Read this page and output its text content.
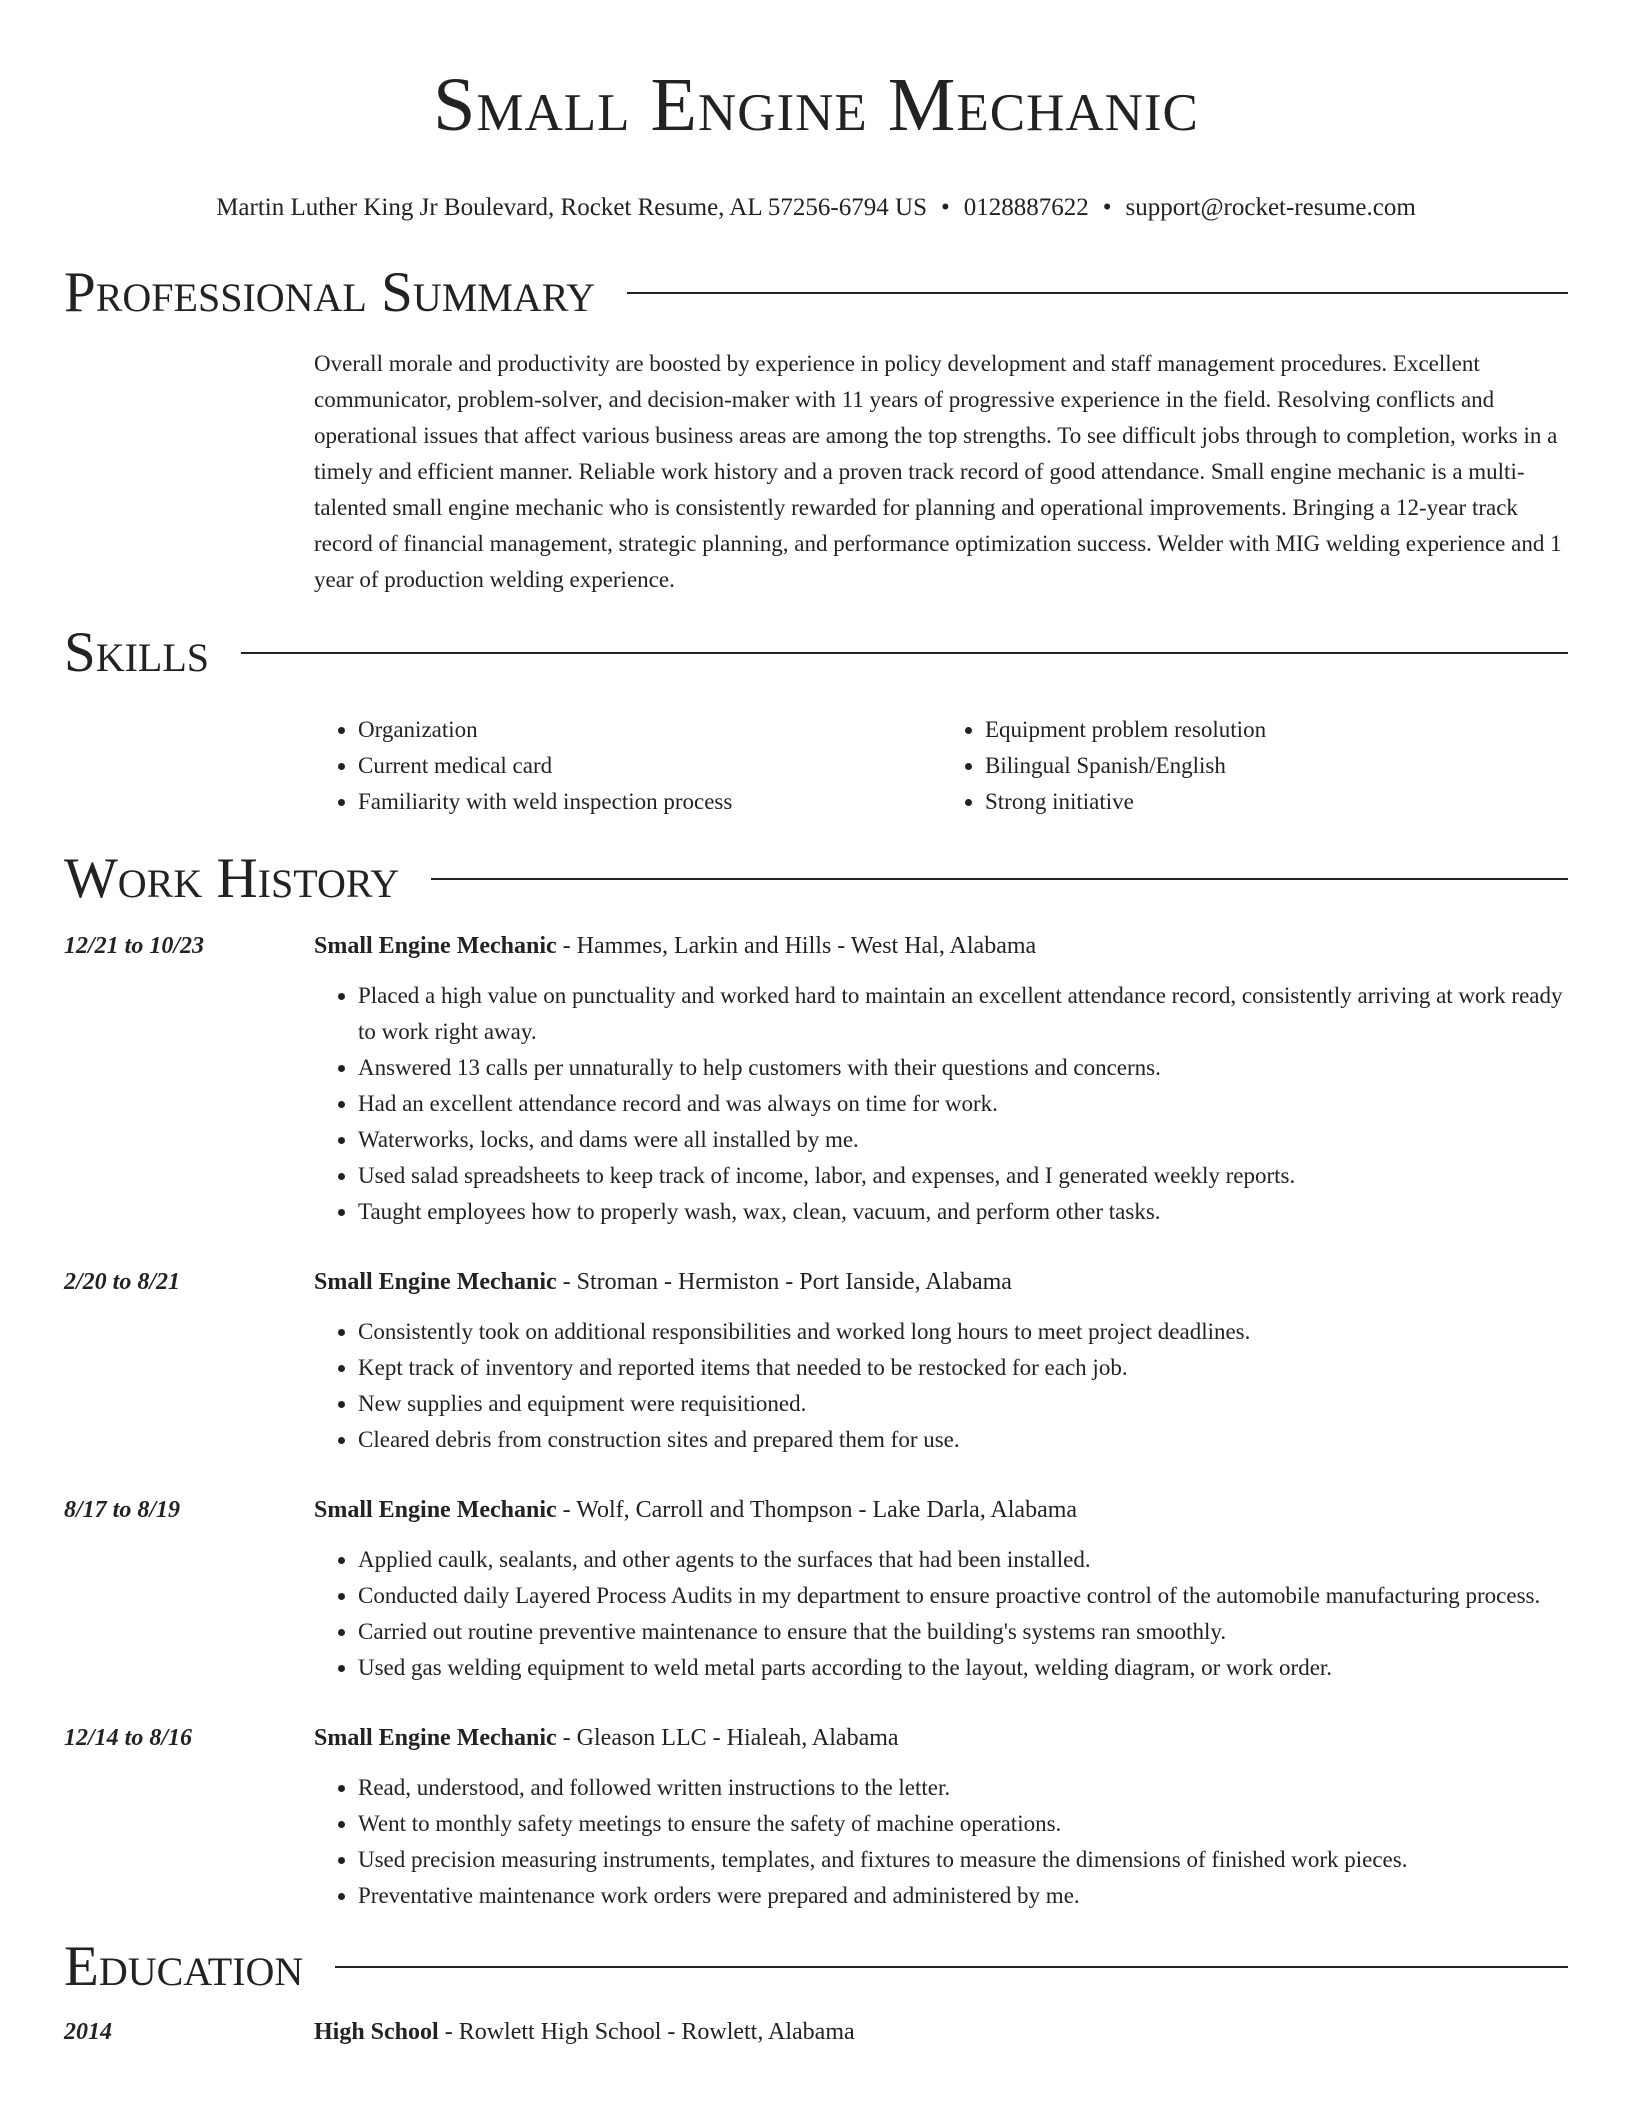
Small Engine Mechanic
Martin Luther King Jr Boulevard, Rocket Resume, AL 57256-6794 US • 0128887622 • support@rocket-resume.com
Professional Summary

Overall morale and productivity are boosted by experience in policy development and staff management procedures. Excellent communicator, problem-solver, and decision-maker with 11 years of progressive experience in the field. Resolving conflicts and operational issues that affect various business areas are among the top strengths. To see difficult jobs through to completion, works in a timely and efficient manner. Reliable work history and a proven track record of good attendance. Small engine mechanic is a multi-talented small engine mechanic who is consistently rewarded for planning and operational improvements. Bringing a 12-year track record of financial management, strategic planning, and performance optimization success. Welder with MIG welding experience and 1 year of production welding experience.

Skills
• Organization
• Current medical card
• Familiarity with weld inspection process
• Equipment problem resolution
• Bilingual Spanish/English
• Strong initiative
Work History
12/21 to 10/23	Small Engine Mechanic - Hammes, Larkin and Hills - West Hal, Alabama
• Placed a high value on punctuality and worked hard to maintain an excellent attendance record, consistently arriving at work ready to work right away.
• Answered 13 calls per unnaturally to help customers with their questions and concerns.
• Had an excellent attendance record and was always on time for work.
• Waterworks, locks, and dams were all installed by me.
• Used salad spreadsheets to keep track of income, labor, and expenses, and I generated weekly reports.
• Taught employees how to properly wash, wax, clean, vacuum, and perform other tasks.
2/20 to 8/21	Small Engine Mechanic - Stroman - Hermiston - Port Ianside, Alabama
• Consistently took on additional responsibilities and worked long hours to meet project deadlines.
• Kept track of inventory and reported items that needed to be restocked for each job.
• New supplies and equipment were requisitioned.
• Cleared debris from construction sites and prepared them for use.
8/17 to 8/19	Small Engine Mechanic - Wolf, Carroll and Thompson - Lake Darla, Alabama
• Applied caulk, sealants, and other agents to the surfaces that had been installed.
• Conducted daily Layered Process Audits in my department to ensure proactive control of the automobile manufacturing process.
• Carried out routine preventive maintenance to ensure that the building's systems ran smoothly.
• Used gas welding equipment to weld metal parts according to the layout, welding diagram, or work order.
12/14 to 8/16	Small Engine Mechanic - Gleason LLC - Hialeah, Alabama
• Read, understood, and followed written instructions to the letter.
• Went to monthly safety meetings to ensure the safety of machine operations.
• Used precision measuring instruments, templates, and fixtures to measure the dimensions of finished work pieces.
• Preventative maintenance work orders were prepared and administered by me.
Education
2014	High School - Rowlett High School - Rowlett, Alabama
